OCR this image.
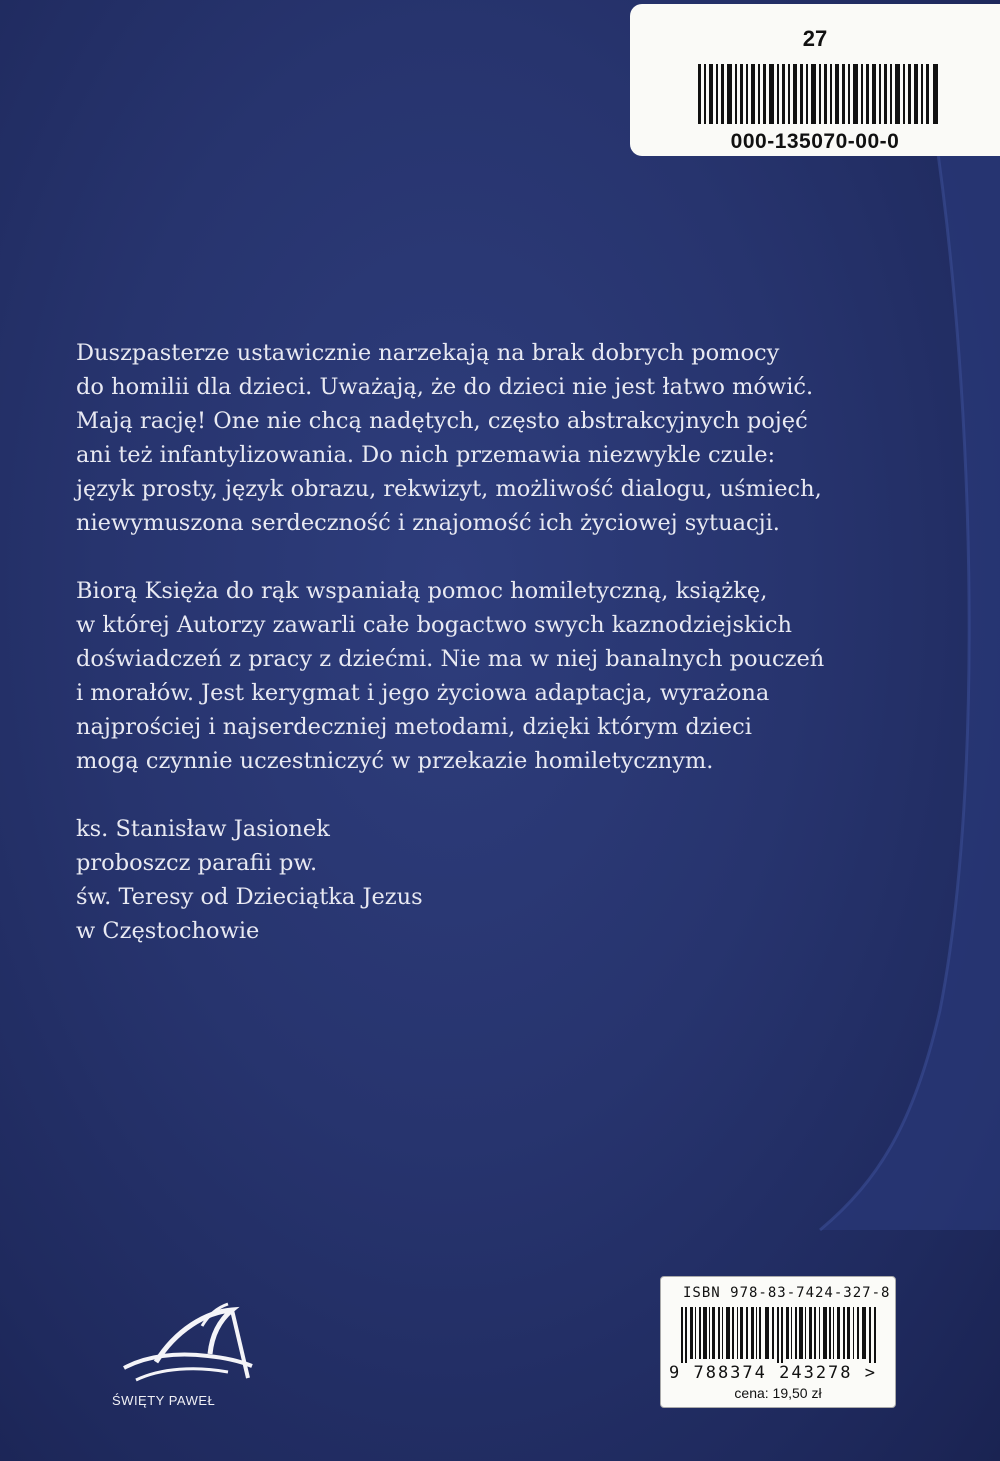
27
000-135070-00-0

Duszpasterze ustawicznie narzekają na brak dobrych pomocy
do homilii dla dzieci. Uważają, że do dzieci nie jest łatwo mówić.
Mają rację! One nie chcą nadętych, często abstrakcyjnych pojęć
ani też infantylizowania. Do nich przemawia niezwykle czule:
język prosty, język obrazu, rekwizyt, możliwość dialogu, uśmiech,
niewymuszona serdeczność i znajomość ich życiowej sytuacji.

Biorą Księża do rąk wspaniałą pomoc homiletyczną, książkę,
w której Autorzy zawarli całe bogactwo swych kaznodziejskich
doświadczeń z pracy z dziećmi. Nie ma w niej banalnych pouczeń
i morałów. Jest kerygmat i jego życiowa adaptacja, wyrażona
najprościej i najserdeczniej metodami, dzięki którym dzieci
mogą czynnie uczestniczyć w przekazie homiletycznym.

ks. Stanisław Jasionek
proboszcz parafii pw.
św. Teresy od Dzieciątka Jezus
w Częstochowie
ŚWIĘTY PAWEŁ
ISBN 978-83-7424-327-8
9 788374 243278 >
cena: 19,50 zł
